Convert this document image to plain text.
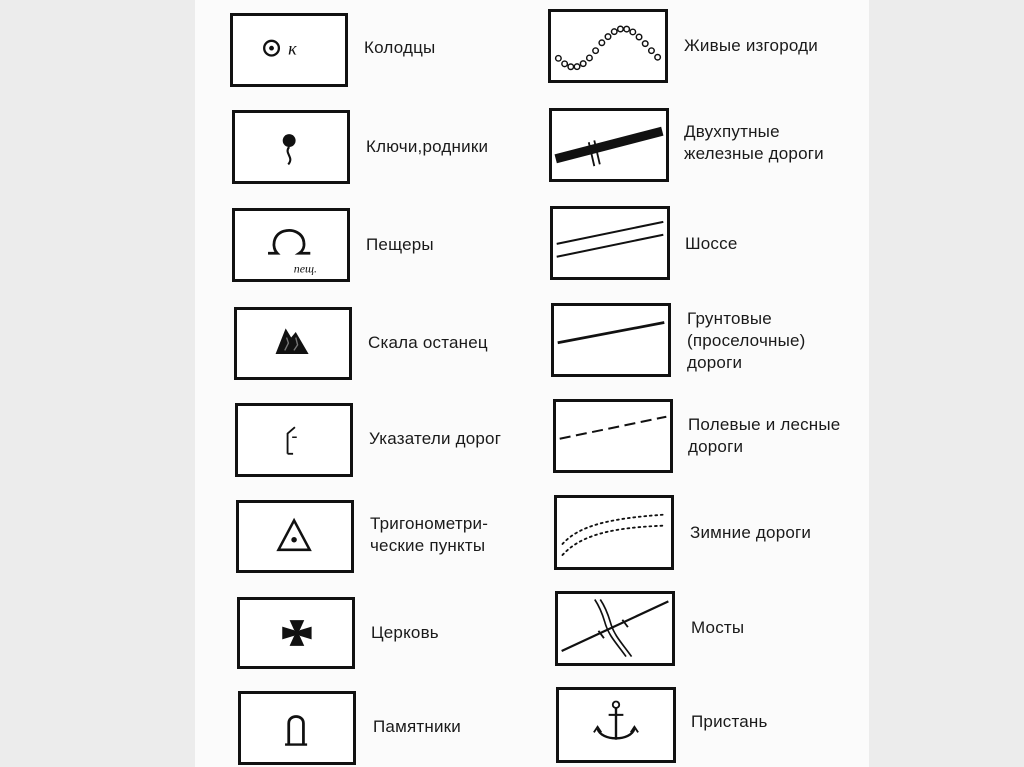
к	Колодцы
Ключи,родники
пещ.
Пещеры
Скала останец
Указатели дорог
Тригонометри-
ческие пункты
Церковь
Памятники
Живые изгороди
Двухпутные
железные дороги
Шоссе
Грунтовые
(проселочные)
дороги
Полевые и лесные
дороги
Зимние дороги
Мосты
Пристань
